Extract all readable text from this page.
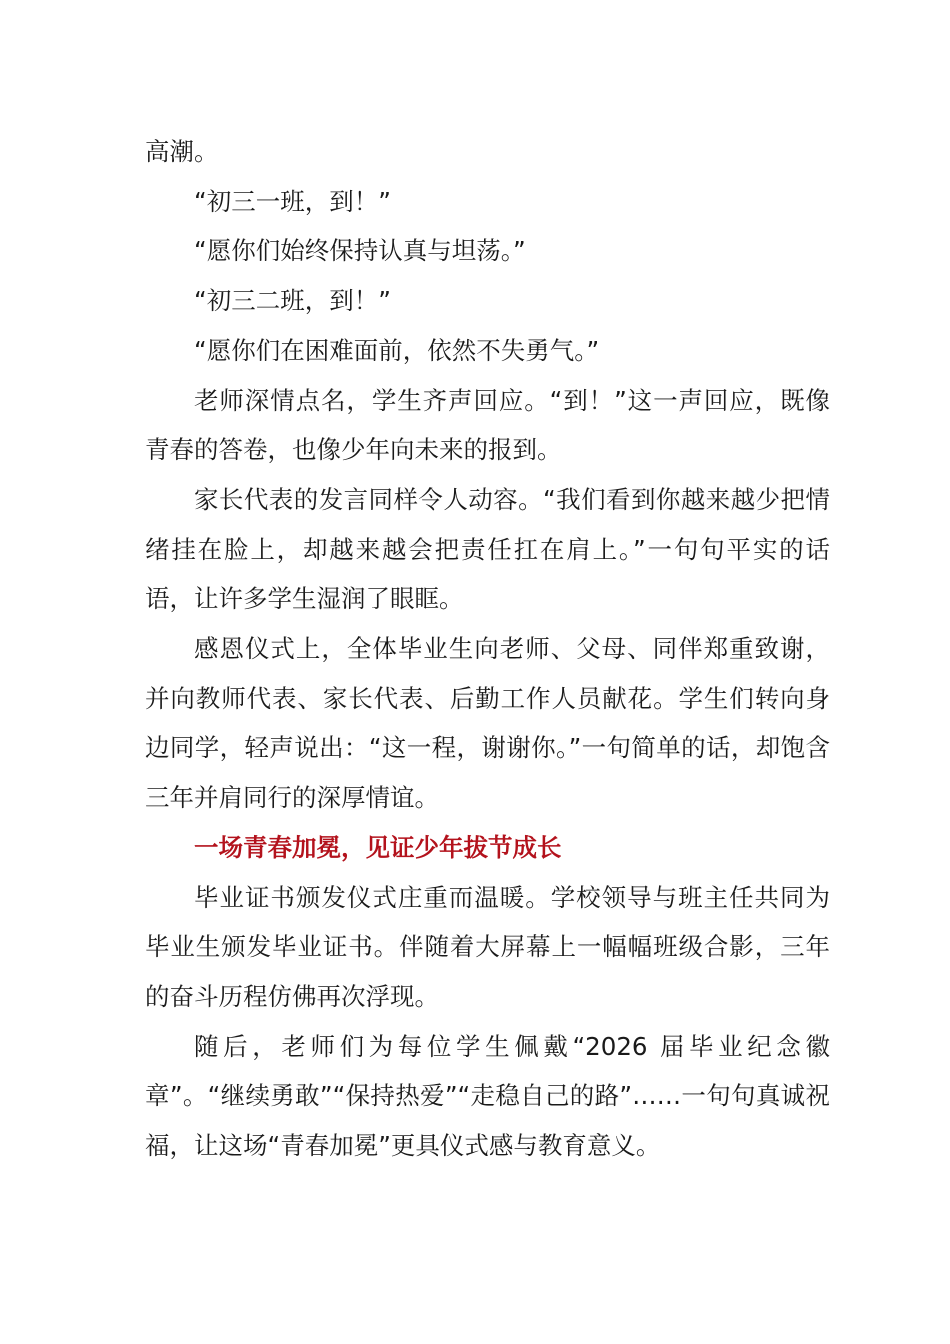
高潮。

“初三一班，到！”

“愿你们始终保持认真与坦荡。”

“初三二班，到！”

“愿你们在困难面前，依然不失勇气。”

老师深情点名，学生齐声回应。“到！”这一声回应，既像青春的答卷，也像少年向未来的报到。

家长代表的发言同样令人动容。“我们看到你越来越少把情绪挂在脸上，却越来越会把责任扛在肩上。”一句句平实的话语，让许多学生湿润了眼眶。

感恩仪式上，全体毕业生向老师、父母、同伴郑重致谢，并向教师代表、家长代表、后勤工作人员献花。学生们转向身边同学，轻声说出：“这一程，谢谢你。”一句简单的话，却饱含三年并肩同行的深厚情谊。

一场青春加冕，见证少年拔节成长

毕业证书颁发仪式庄重而温暖。学校领导与班主任共同为毕业生颁发毕业证书。伴随着大屏幕上一幅幅班级合影，三年的奋斗历程仿佛再次浮现。

随后，老师们为每位学生佩戴“2026 届毕业纪念徽章”。“继续勇敢”“保持热爱”“走稳自己的路”……一句句真诚祝福，让这场“青春加冕”更具仪式感与教育意义。
